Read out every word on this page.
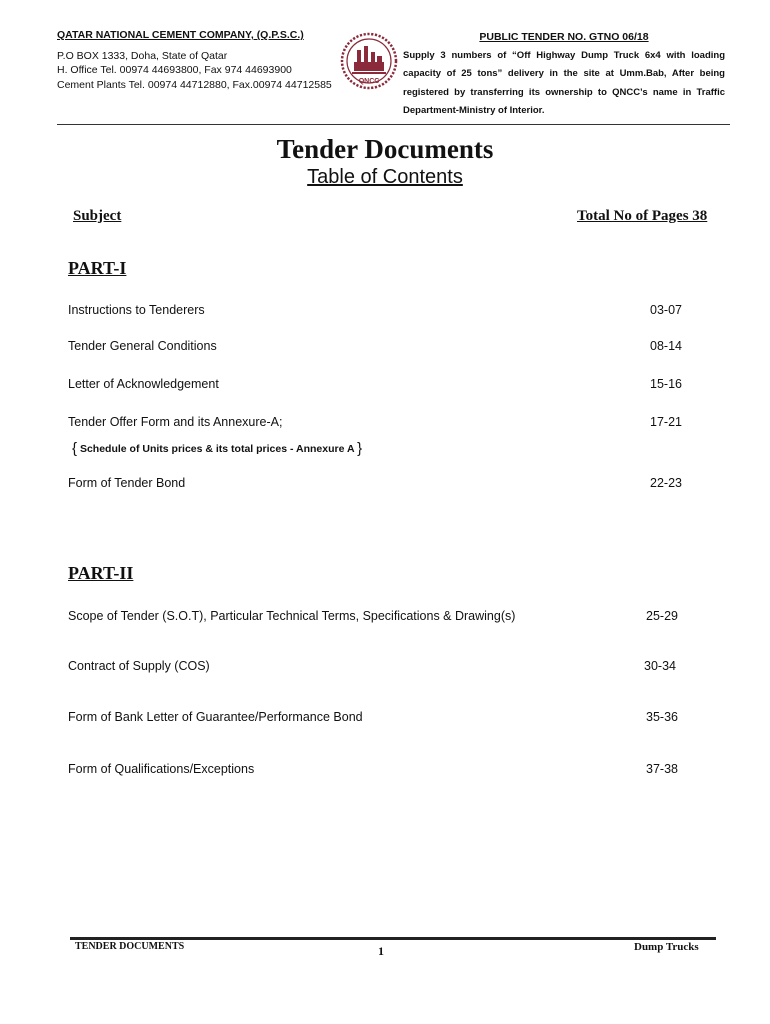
QATAR NATIONAL CEMENT COMPANY, (Q.P.S.C.)
P.O BOX 1333, Doha, State of Qatar
H. Office Tel. 00974 44693800, Fax 974 44693900
Cement Plants Tel. 00974 44712880, Fax.00974 44712585	QNCC
PUBLIC TENDER NO. GTNO 06/18
Supply 3 numbers of “Off Highway Dump Truck 6x4 with loading capacity of 25 tons” delivery in the site at Umm.Bab, After being registered by transferring its ownership to QNCC’s name in Traffic Department-Ministry of Interior.
Tender Documents
Table of Contents
Subject	Total No of Pages 38
PART-I
Instructions to Tenderers	03-07
Tender General Conditions	08-14
Letter of Acknowledgement	15-16
Tender Offer Form and its Annexure-A;	17-21
{ Schedule of Units prices & its total prices - Annexure A }
Form of Tender Bond	22-23
PART-II
Scope of Tender (S.O.T), Particular Technical Terms, Specifications & Drawing(s)	25-29
Contract of Supply (COS)	30-34
Form of Bank Letter of Guarantee/Performance Bond	35-36
Form of Qualifications/Exceptions	37-38
TENDER DOCUMENTS	1	Dump Trucks
